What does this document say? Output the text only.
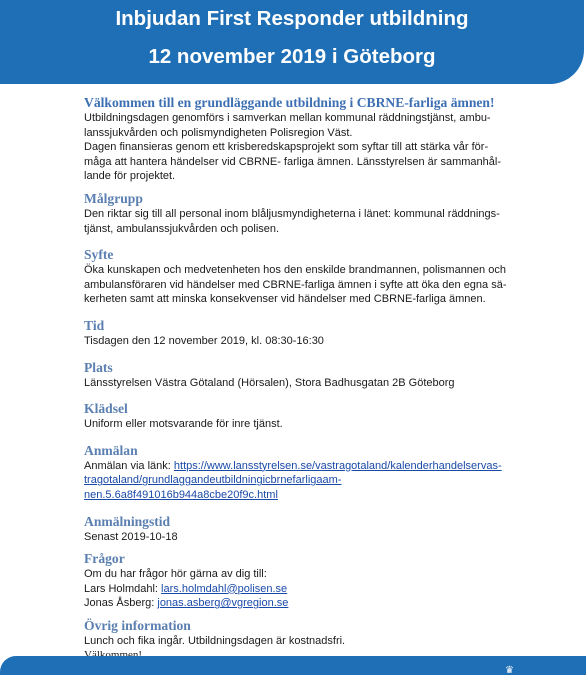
Inbjudan First Responder utbildning
12 november 2019 i Göteborg
Välkommen till en grundläggande utbildning i CBRNE-farliga ämnen!

Utbildningsdagen genomförs i samverkan mellan kommunal räddningstjänst, ambu-

lanssjukvården och polismyndigheten Polisregion Väst.

Dagen finansieras genom ett krisberedskapsprojekt som syftar till att stärka vår för-

måga att hantera händelser vid CBRNE- farliga ämnen. Länsstyrelsen är sammanhål-

lande för projektet.

Målgrupp

Den riktar sig till all personal inom blåljusmyndigheterna i länet: kommunal räddnings-

tjänst, ambulanssjukvården och polisen.

Syfte

Öka kunskapen och medvetenheten hos den enskilde brandmannen, polismannen och

ambulansföraren vid händelser med CBRNE-farliga ämnen i syfte att öka den egna sä-

kerheten samt att minska konsekvenser vid händelser med CBRNE-farliga ämnen.

Tid

Tisdagen den 12 november 2019, kl. 08:30-16:30

Plats

Länsstyrelsen Västra Götaland (Hörsalen), Stora Badhusgatan 2B Göteborg

Klädsel

Uniform eller motsvarande för inre tjänst.

Anmälan

Anmälan via länk: https://www.lansstyrelsen.se/vastragotaland/kalenderhandelservas-

tragotaland/grundlaggandeutbildningicbrnefarligaam-

nen.5.6a8f491016b944a8cbe20f9c.html

Anmälningstid

Senast 2019-10-18

Frågor

Om du har frågor hör gärna av dig till:

Lars Holmdahl: lars.holmdahl@polisen.se

Jonas Åsberg: jonas.asberg@vgregion.se

Övrig information

Lunch och fika ingår. Utbildningsdagen är kostnadsfri.

♛
